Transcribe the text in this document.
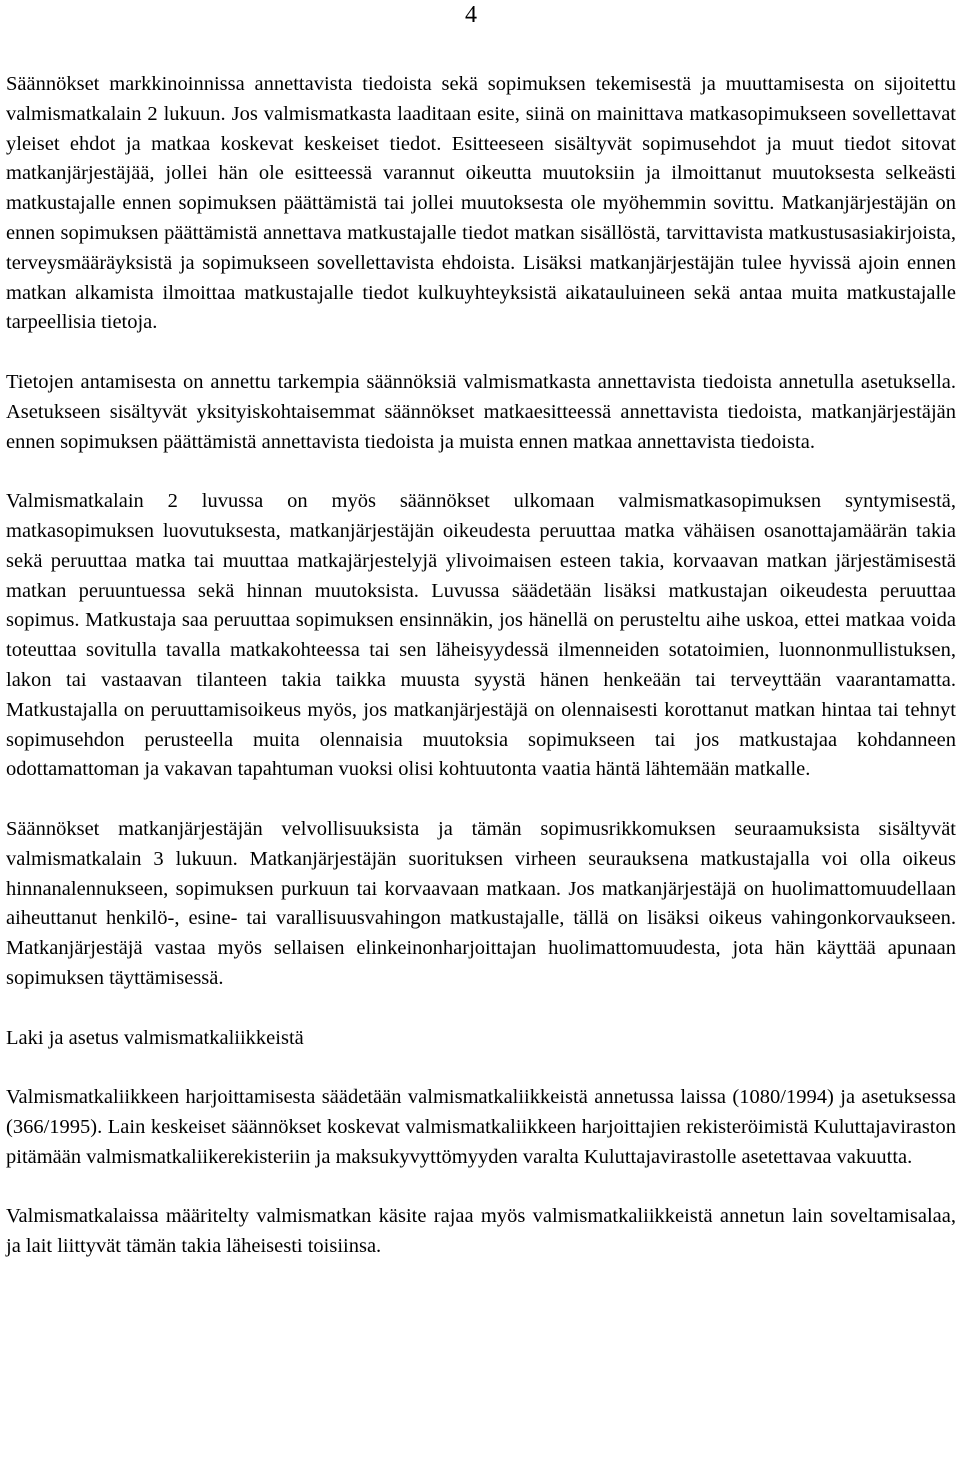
4

Säännökset markkinoinnissa annettavista tiedoista sekä sopimuksen tekemisestä ja muuttamisesta on sijoitettu valmismatkalain 2 lukuun. Jos valmismatkasta laaditaan esite, siinä on mainittava matkasopimukseen sovellettavat yleiset ehdot ja matkaa koskevat keskeiset tiedot. Esitteeseen sisältyvät sopimusehdot ja muut tiedot sitovat matkanjärjestäjää, jollei hän ole esitteessä varannut oikeutta muutoksiin ja ilmoittanut muutoksesta selkeästi matkustajalle ennen sopimuksen päättämistä tai jollei muutoksesta ole myöhemmin sovittu. Matkanjärjestäjän on ennen sopimuksen päättämistä annettava matkustajalle tiedot matkan sisällöstä, tarvittavista matkustusasiakirjoista, terveysmääräyksistä ja sopimukseen sovellettavista ehdoista. Lisäksi matkanjärjestäjän tulee hyvissä ajoin ennen matkan alkamista ilmoittaa matkustajalle tiedot kulkuyhteyksistä aikatauluineen sekä antaa muita matkustajalle tarpeellisia tietoja.

Tietojen antamisesta on annettu tarkempia säännöksiä valmismatkasta annettavista tiedoista annetulla asetuksella. Asetukseen sisältyvät yksityiskohtaisemmat säännökset matkaesitteessä annettavista tiedoista, matkanjärjestäjän ennen sopimuksen päättämistä annettavista tiedoista ja muista ennen matkaa annettavista tiedoista.

Valmismatkalain 2 luvussa on myös säännökset ulkomaan valmismatkasopimuksen syntymisestä, matkasopimuksen luovutuksesta, matkanjärjestäjän oikeudesta peruuttaa matka vähäisen osanottajamäärän takia sekä peruuttaa matka tai muuttaa matkajärjestelyjä ylivoimaisen esteen takia, korvaavan matkan järjestämisestä matkan peruuntuessa sekä hinnan muutoksista. Luvussa säädetään lisäksi matkustajan oikeudesta peruuttaa sopimus. Matkustaja saa peruuttaa sopimuksen ensinnäkin, jos hänellä on perusteltu aihe uskoa, ettei matkaa voida toteuttaa sovitulla tavalla matkakohteessa tai sen läheisyydessä ilmenneiden sotatoimien, luonnonmullistuksen, lakon tai vastaavan tilanteen takia taikka muusta syystä hänen henkeään tai terveyttään vaarantamatta. Matkustajalla on peruuttamisoikeus myös, jos matkanjärjestäjä on olennaisesti korottanut matkan hintaa tai tehnyt sopimusehdon perusteella muita olennaisia muutoksia sopimukseen tai jos matkustajaa kohdanneen odottamattoman ja vakavan tapahtuman vuoksi olisi kohtuutonta vaatia häntä lähtemään matkalle.

Säännökset matkanjärjestäjän velvollisuuksista ja tämän sopimusrikkomuksen seuraamuksista sisältyvät valmismatkalain 3 lukuun. Matkanjärjestäjän suorituksen virheen seurauksena matkustajalla voi olla oikeus hinnanalennukseen, sopimuksen purkuun tai korvaavaan matkaan. Jos matkanjärjestäjä on huolimattomuudellaan aiheuttanut henkilö-, esine- tai varallisuusvahingon matkustajalle, tällä on lisäksi oikeus vahingonkorvaukseen. Matkanjärjestäjä vastaa myös sellaisen elinkeinonharjoittajan huolimattomuudesta, jota hän käyttää apunaan sopimuksen täyttämisessä.

Laki ja asetus valmismatkaliikkeistä

Valmismatkaliikkeen harjoittamisesta säädetään valmismatkaliikkeistä annetussa laissa (1080/1994) ja asetuksessa (366/1995). Lain keskeiset säännökset koskevat valmismatkaliikkeen harjoittajien rekisteröimistä Kuluttajaviraston pitämään valmismatkaliikerekisteriin ja maksukyvyttömyyden varalta Kuluttajavirastolle asetettavaa vakuutta.

Valmismatkalaissa määritelty valmismatkan käsite rajaa myös valmismatkaliikkeistä annetun lain soveltamisalaa, ja lait liittyvät tämän takia läheisesti toisiinsa.
